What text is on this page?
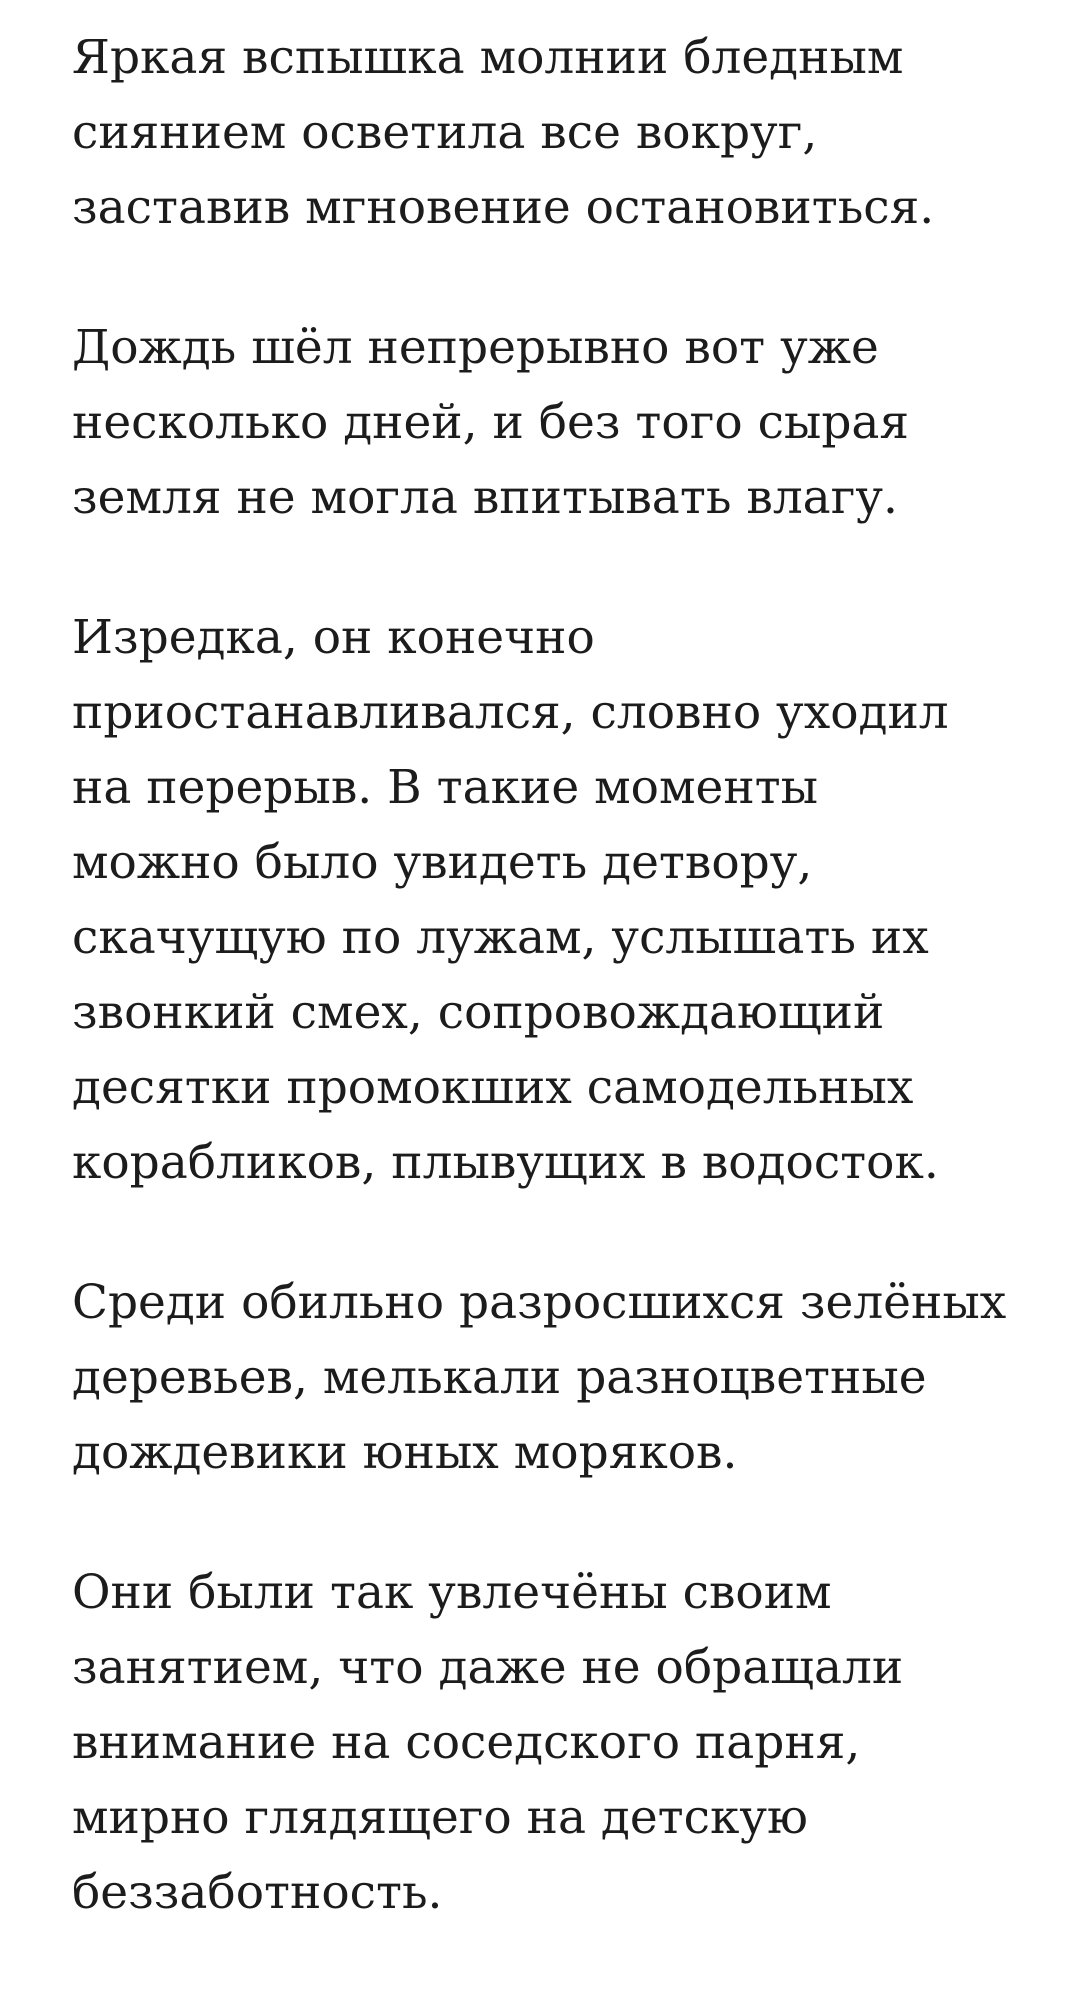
Яркая вспышка молнии бледным
сиянием осветила все вокруг,
заставив мгновение остановиться.

Дождь шёл непрерывно вот уже
несколько дней, и без того сырая
земля не могла впитывать влагу.

Изредка, он конечно
приостанавливался, словно уходил
на перерыв. В такие моменты
можно было увидеть детвору,
скачущую по лужам, услышать их
звонкий смех, сопровождающий
десятки промокших самодельных
корабликов, плывущих в водосток.

Среди обильно разросшихся зелёных
деревьев, мелькали разноцветные
дождевики юных моряков.

Они были так увлечёны своим
занятием, что даже не обращали
внимание на соседского парня,
мирно глядящего на детскую
беззаботность.
